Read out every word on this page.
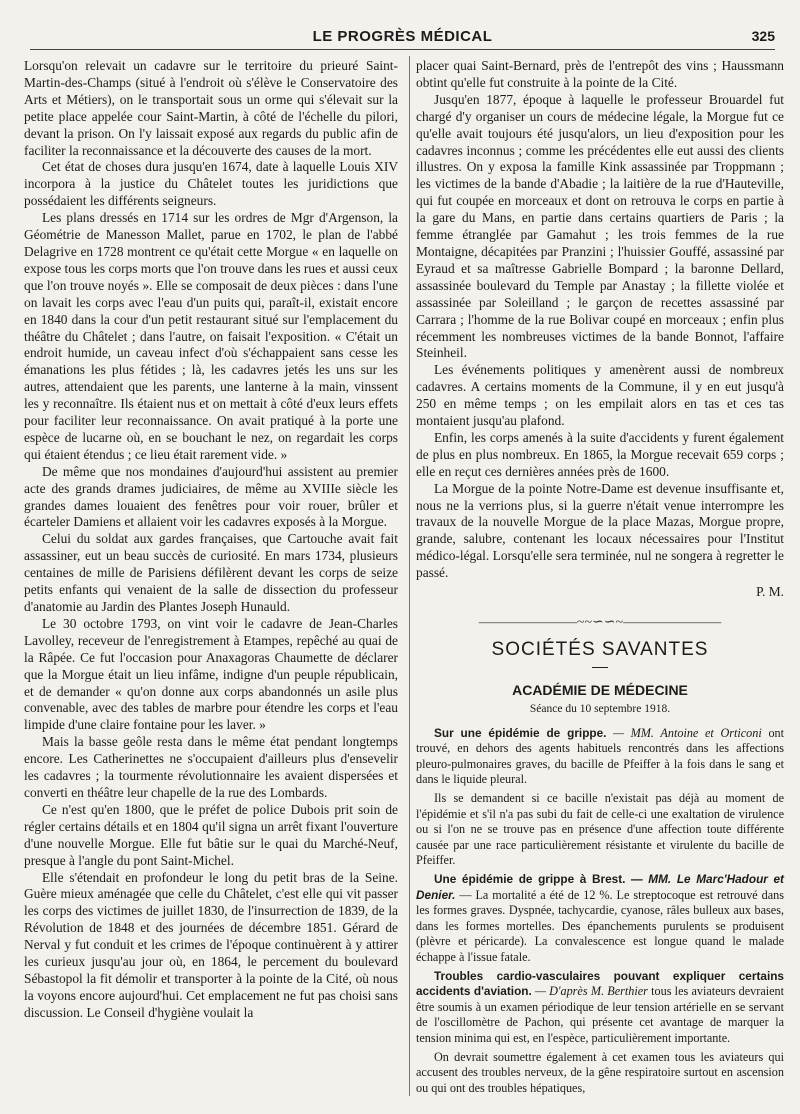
LE PROGRÈS MÉDICAL	325

Lorsqu'on relevait un cadavre sur le territoire du prieuré Saint-Martin-des-Champs (situé à l'endroit où s'élève le Conservatoire des Arts et Métiers), on le transportait sous un orme qui s'élevait sur la petite place appelée cour Saint-Martin, à côté de l'échelle du pilori, devant la prison. On l'y laissait exposé aux regards du public afin de faciliter la reconnaissance et la découverte des causes de la mort.

Cet état de choses dura jusqu'en 1674, date à laquelle Louis XIV incorpora à la justice du Châtelet toutes les juridictions que possédaient les différents seigneurs.

Les plans dressés en 1714 sur les ordres de Mgr d'Argenson, la Géométrie de Manesson Mallet, parue en 1702, le plan de l'abbé Delagrive en 1728 montrent ce qu'était cette Morgue « en laquelle on expose tous les corps morts que l'on trouve dans les rues et aussi ceux que l'on trouve noyés ». Elle se composait de deux pièces : dans l'une on lavait les corps avec l'eau d'un puits qui, paraît-il, existait encore en 1840 dans la cour d'un petit restaurant situé sur l'emplacement du théâtre du Châtelet ; dans l'autre, on faisait l'exposition. « C'était un endroit humide, un caveau infect d'où s'échappaient sans cesse les émanations les plus fétides ; là, les cadavres jetés les uns sur les autres, attendaient que les parents, une lanterne à la main, vinssent les y reconnaître. Ils étaient nus et on mettait à côté d'eux leurs effets pour faciliter leur reconnaissance. On avait pratiqué à la porte une espèce de lucarne où, en se bouchant le nez, on regardait les corps qui étaient étendus ; ce lieu était rarement vide. »

De même que nos mondaines d'aujourd'hui assistent au premier acte des grands drames judiciaires, de même au XVIIIe siècle les grandes dames louaient des fenêtres pour voir rouer, brûler et écarteler Damiens et allaient voir les cadavres exposés à la Morgue.

Celui du soldat aux gardes françaises, que Cartouche avait fait assassiner, eut un beau succès de curiosité. En mars 1734, plusieurs centaines de mille de Parisiens défilèrent devant les corps de seize petits enfants qui venaient de la salle de dissection du professeur d'anatomie au Jardin des Plantes Joseph Hunauld.

Le 30 octobre 1793, on vint voir le cadavre de Jean-Charles Lavolley, receveur de l'enregistrement à Etampes, repêché au quai de la Râpée. Ce fut l'occasion pour Anaxagoras Chaumette de déclarer que la Morgue était un lieu infâme, indigne d'un peuple républicain, et de demander « qu'on donne aux corps abandonnés un asile plus convenable, avec des tables de marbre pour étendre les corps et l'eau limpide d'une claire fontaine pour les laver. »

Mais la basse geôle resta dans le même état pendant longtemps encore. Les Catherinettes ne s'occupaient d'ailleurs plus d'ensevelir les cadavres ; la tourmente révolutionnaire les avaient dispersées et converti en théâtre leur chapelle de la rue des Lombards.

Ce n'est qu'en 1800, que le préfet de police Dubois prit soin de régler certains détails et en 1804 qu'il signa un arrêt fixant l'ouverture d'une nouvelle Morgue. Elle fut bâtie sur le quai du Marché-Neuf, presque à l'angle du pont Saint-Michel.

Elle s'étendait en profondeur le long du petit bras de la Seine. Guère mieux aménagée que celle du Châtelet, c'est elle qui vit passer les corps des victimes de juillet 1830, de l'insurrection de 1839, de la Révolution de 1848 et des journées de décembre 1851. Gérard de Nerval y fut conduit et les crimes de l'époque continuèrent à y attirer les curieux jusqu'au jour où, en 1864, le percement du boulevard Sébastopol la fit démolir et transporter à la pointe de la Cité, où nous la voyons encore aujourd'hui. Cet emplacement ne fut pas choisi sans discussion. Le Conseil d'hygiène voulait la

placer quai Saint-Bernard, près de l'entrepôt des vins ; Haussmann obtint qu'elle fut construite à la pointe de la Cité.

Jusqu'en 1877, époque à laquelle le professeur Brouardel fut chargé d'y organiser un cours de médecine légale, la Morgue fut ce qu'elle avait toujours été jusqu'alors, un lieu d'exposition pour les cadavres inconnus ; comme les précédentes elle eut aussi des clients illustres. On y exposa la famille Kink assassinée par Troppmann ; les victimes de la bande d'Abadie ; la laitière de la rue d'Hauteville, qui fut coupée en morceaux et dont on retrouva le corps en partie à la gare du Mans, en partie dans certains quartiers de Paris ; la femme étranglée par Gamahut ; les trois femmes de la rue Montaigne, décapitées par Pranzini ; l'huissier Gouffé, assassiné par Eyraud et sa maîtresse Gabrielle Bompard ; la baronne Dellard, assassinée boulevard du Temple par Anastay ; la fillette violée et assassinée par Soleilland ; le garçon de recettes assassiné par Carrara ; l'homme de la rue Bolivar coupé en morceaux ; enfin plus récemment les nombreuses victimes de la bande Bonnot, l'affaire Steinheil.

Les événements politiques y amenèrent aussi de nombreux cadavres. A certains moments de la Commune, il y en eut jusqu'à 250 en même temps ; on les empilait alors en tas et ces tas montaient jusqu'au plafond.

Enfin, les corps amenés à la suite d'accidents y furent également de plus en plus nombreux. En 1865, la Morgue recevait 659 corps ; elle en reçut ces dernières années près de 1600.

La Morgue de la pointe Notre-Dame est devenue insuffisante et, nous ne la verrions plus, si la guerre n'était venue interrompre les travaux de la nouvelle Morgue de la place Mazas, Morgue propre, grande, salubre, contenant les locaux nécessaires pour l'Institut médico-légal. Lorsqu'elle sera terminée, nul ne songera à regretter le passé.

P. M.
———————~~∽∽~———————
SOCIÉTÉS SAVANTES
ACADÉMIE DE MÉDECINE
Séance du 10 septembre 1918.

Sur une épidémie de grippe. — MM. Antoine et Orticoni ont trouvé, en dehors des agents habituels rencontrés dans les affections pleuro-pulmonaires graves, du bacille de Pfeiffer à la fois dans le sang et dans le liquide pleural.

Ils se demandent si ce bacille n'existait pas déjà au moment de l'épidémie et s'il n'a pas subi du fait de celle-ci une exaltation de virulence ou si l'on ne se trouve pas en présence d'une affection toute différente causée par une race particulièrement résistante et virulente du bacille de Pfeiffer.

Une épidémie de grippe à Brest. — MM. Le Marc'Hadour et Denier. — La mortalité a été de 12 %. Le streptocoque est retrouvé dans les formes graves. Dyspnée, tachycardie, cyanose, râles bulleux aux bases, dans les formes mortelles. Des épanchements purulents se produisent (plèvre et péricarde). La convalescence est longue quand le malade échappe à l'issue fatale.

Troubles cardio-vasculaires pouvant expliquer certains accidents d'aviation. — D'après M. Berthier tous les aviateurs devraient être soumis à un examen périodique de leur tension artérielle en se servant de l'oscillomètre de Pachon, qui présente cet avantage de marquer la tension minima qui est, en l'espèce, particulièrement importante.

On devrait soumettre également à cet examen tous les aviateurs qui accusent des troubles nerveux, de la gêne respiratoire surtout en ascension ou qui ont des troubles hépatiques,
